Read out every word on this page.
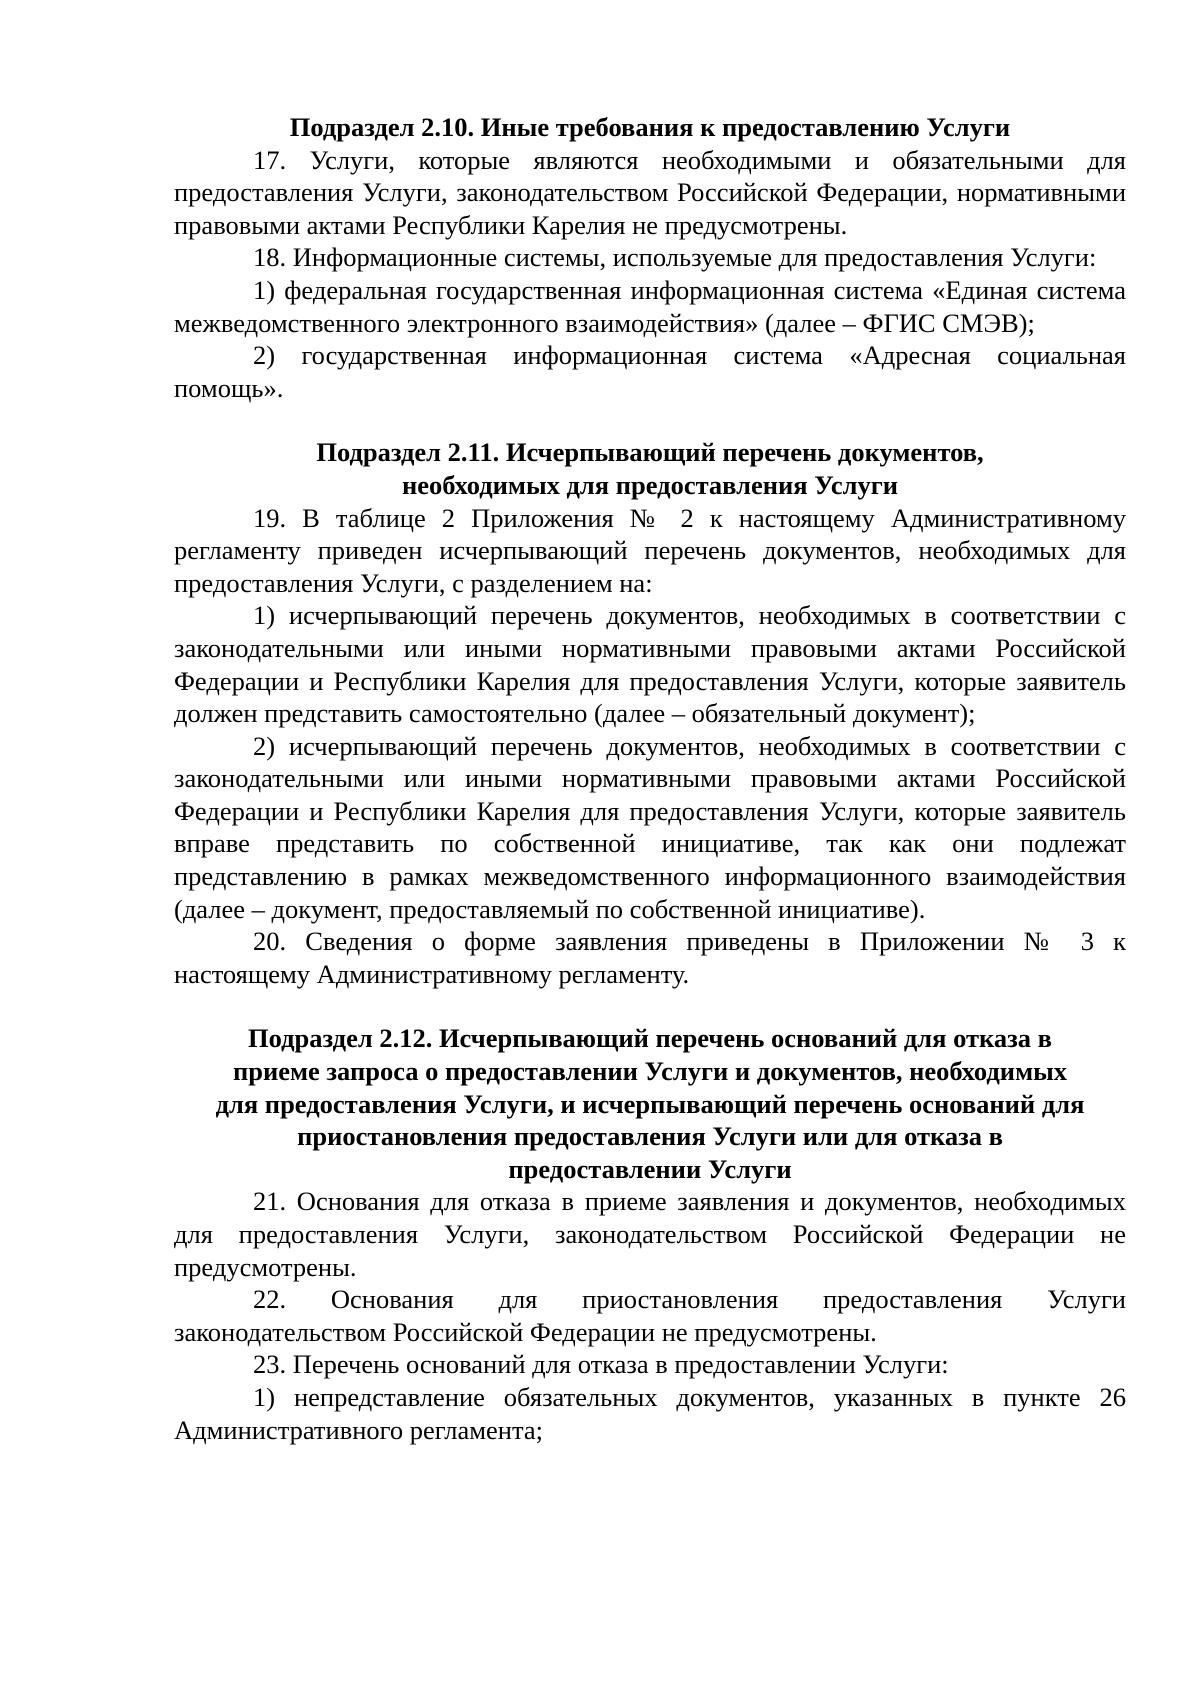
Подраздел 2.10. Иные требования к предоставлению Услуги

17. Услуги, которые являются необходимыми и обязательными для предоставления Услуги, законодательством Российской Федерации, нормативными правовыми актами Республики Карелия не предусмотрены.

18. Информационные системы, используемые для предоставления Услуги:

1) федеральная государственная информационная система «Единая система межведомственного электронного взаимодействия» (далее – ФГИС СМЭВ);

2) государственная информационная система «Адресная социальная помощь».

Подраздел 2.11. Исчерпывающий перечень документов,
необходимых для предоставления Услуги

19. В таблице 2 Приложения № 2 к настоящему Административному регламенту приведен исчерпывающий перечень документов, необходимых для предоставления Услуги, с разделением на:

1) исчерпывающий перечень документов, необходимых в соответствии с законодательными или иными нормативными правовыми актами Российской Федерации и Республики Карелия для предоставления Услуги, которые заявитель должен представить самостоятельно (далее – обязательный документ);

2) исчерпывающий перечень документов, необходимых в соответствии с законодательными или иными нормативными правовыми актами Российской Федерации и Республики Карелия для предоставления Услуги, которые заявитель вправе представить по собственной инициативе, так как они подлежат представлению в рамках межведомственного информационного взаимодействия (далее – документ, предоставляемый по собственной инициативе).

20. Сведения о форме заявления приведены в Приложении № 3 к настоящему Административному регламенту.

Подраздел 2.12. Исчерпывающий перечень оснований для отказа в
приеме запроса о предоставлении Услуги и документов, необходимых
для предоставления Услуги, и исчерпывающий перечень оснований для
приостановления предоставления Услуги или для отказа в
предоставлении Услуги

21. Основания для отказа в приеме заявления и документов, необходимых для предоставления Услуги, законодательством Российской Федерации не предусмотрены.

22. Основания для приостановления предоставления Услуги законодательством Российской Федерации не предусмотрены.

23. Перечень оснований для отказа в предоставлении Услуги:

1) непредставление обязательных документов, указанных в пункте 26 Административного регламента;
